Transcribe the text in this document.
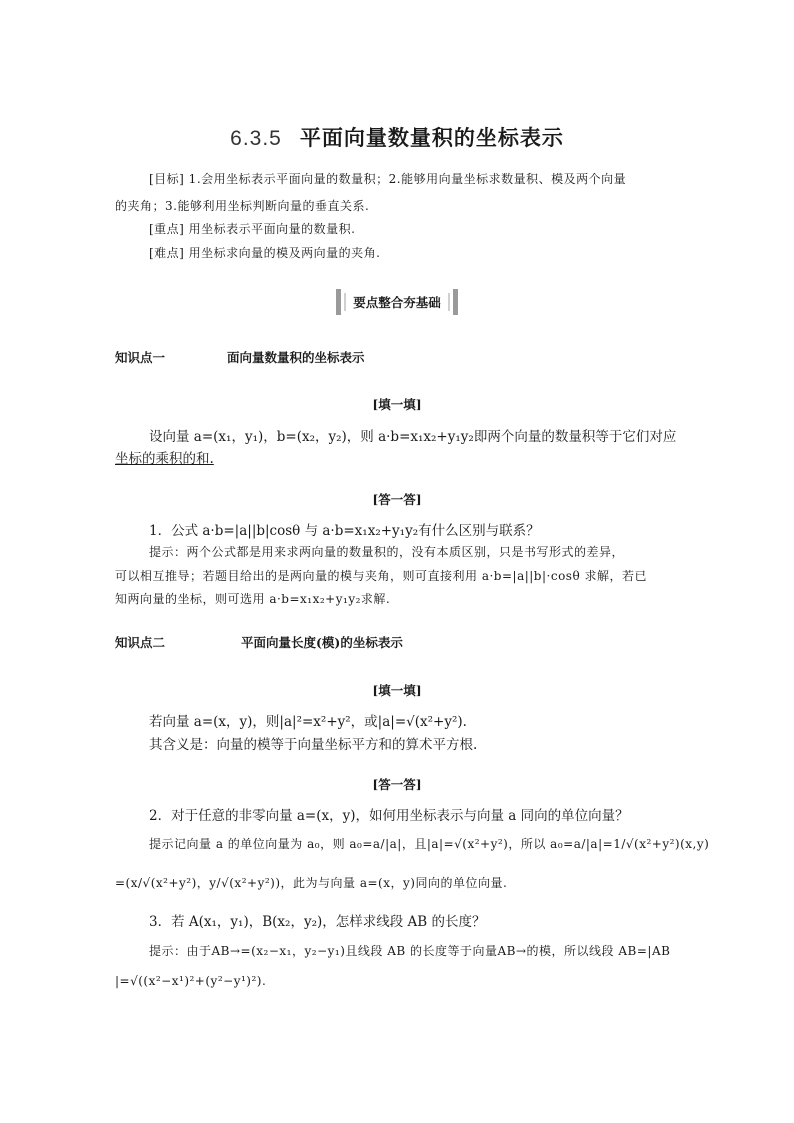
6.3.5 平面向量数量积的坐标表示
[目标] 1.会用坐标表示平面向量的数量积；2.能够用向量坐标求数量积、模及两个向量
的夹角；3.能够利用坐标判断向量的垂直关系.
[重点] 用坐标表示平面向量的数量积.
[难点] 用坐标求向量的模及两向量的夹角.
要点整合夯基础
知识点一	面向量数量积的坐标表示
[填一填]
设向量 a=(x₁，y₁)，b=(x₂，y₂)，则 a·b=x₁x₂+y₁y₂即两个向量的数量积等于它们对应
坐标的乘积的和.
[答一答]
1．公式 a·b=|a||b|cosθ 与 a·b=x₁x₂+y₁y₂有什么区别与联系？
提示：两个公式都是用来求两向量的数量积的，没有本质区别，只是书写形式的差异，
可以相互推导；若题目给出的是两向量的模与夹角，则可直接利用 a·b=|a||b|·cosθ 求解，若已
知两向量的坐标，则可选用 a·b=x₁x₂+y₁y₂求解.
知识点二	平面向量长度(模)的坐标表示
[填一填]
若向量 a=(x，y)，则|a|²=x²+y²，或|a|=√(x²+y²).
其含义是：向量的模等于向量坐标平方和的算术平方根.
[答一答]
2．对于任意的非零向量 a=(x，y)，如何用坐标表示与向量 a 同向的单位向量？
提示记向量 a 的单位向量为 a₀，则 a₀=a/|a|，且|a|=√(x²+y²)，所以 a₀=a/|a|=1/√(x²+y²)(x,y)
=(x/√(x²+y²)，y/√(x²+y²))，此为与向量 a=(x，y)同向的单位向量.
3．若 A(x₁，y₁)，B(x₂，y₂)，怎样求线段 AB 的长度？
提示：由于AB→=(x₂−x₁，y₂−y₁)且线段 AB 的长度等于向量AB→的模，所以线段 AB=|AB
|=√((x²−x¹)²+(y²−y¹)²).
